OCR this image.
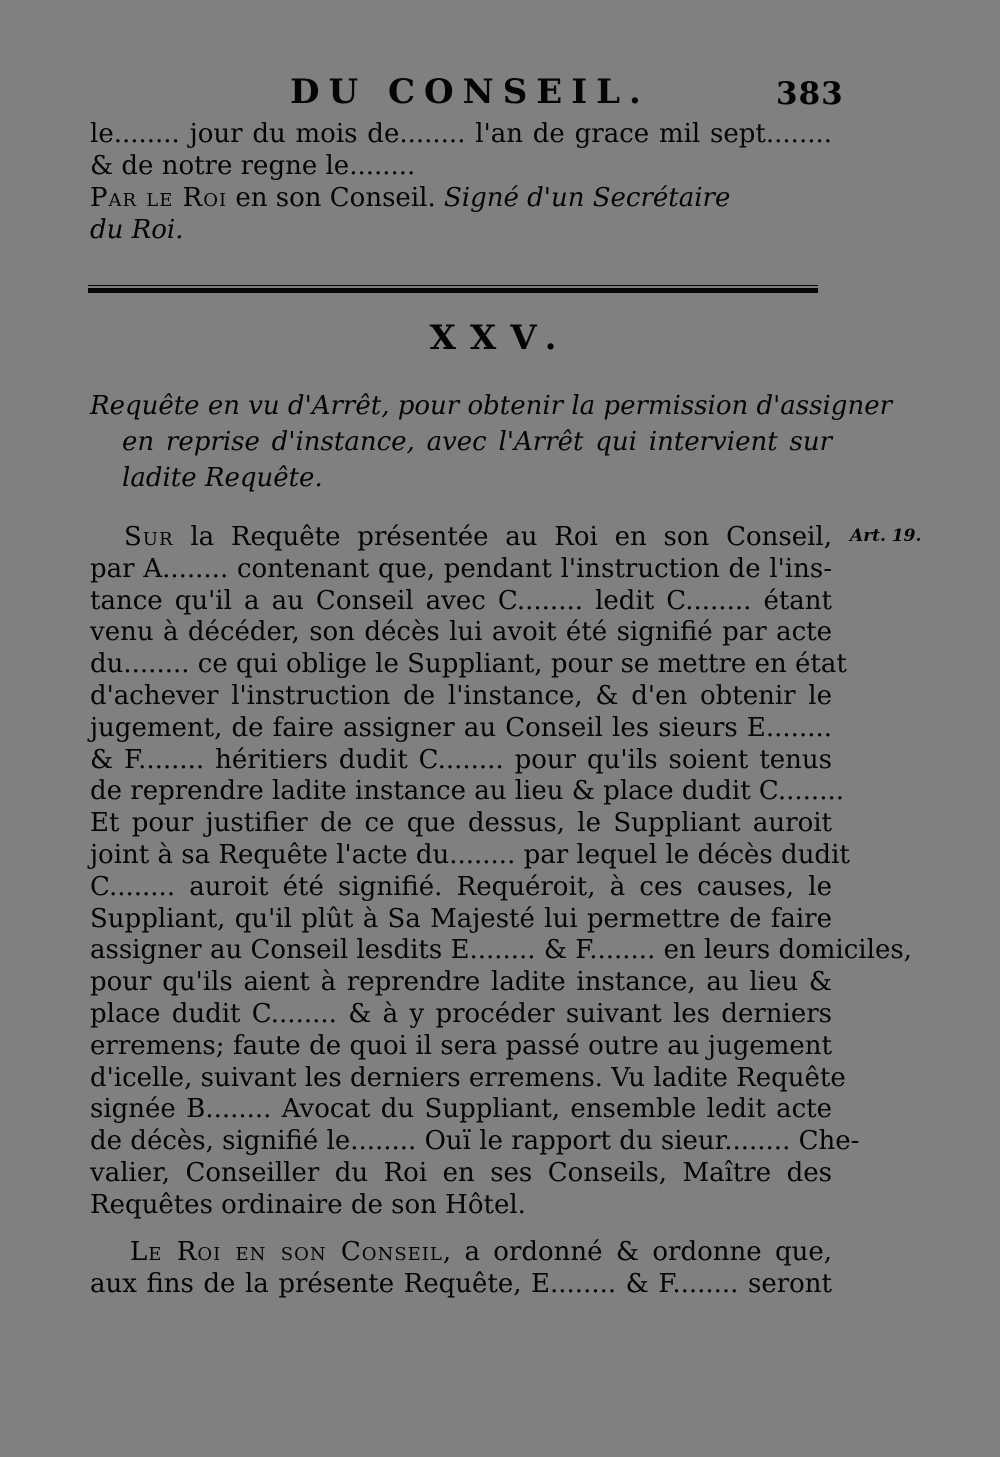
DU CONSEIL.	383
le........ jour du mois de........ l'an de grace mil sept........
& de notre regne le........
Par le Roi en son Conseil. Signé d'un Secrétaire
du Roi.
XXV.
Requête en vu d'Arrêt, pour obtenir la permission d'assigner
en reprise d'instance, avec l'Arrêt qui intervient sur
ladite Requête.
Art. 19.
Sur la Requête présentée au Roi en son Conseil,
par A........ contenant que, pendant l'instruction de l'ins-
tance qu'il a au Conseil avec C........ ledit C........ étant
venu à décéder, son décès lui avoit été signifié par acte
du........ ce qui oblige le Suppliant, pour se mettre en état
d'achever l'instruction de l'instance, & d'en obtenir le
jugement, de faire assigner au Conseil les sieurs E........
& F........ héritiers dudit C........ pour qu'ils soient tenus
de reprendre ladite instance au lieu & place dudit C........
Et pour justifier de ce que dessus, le Suppliant auroit
joint à sa Requête l'acte du........ par lequel le décès dudit
C........ auroit été signifié. Requéroit, à ces causes, le
Suppliant, qu'il plût à Sa Majesté lui permettre de faire
assigner au Conseil lesdits E........ & F........ en leurs domiciles,
pour qu'ils aient à reprendre ladite instance, au lieu &
place dudit C........ & à y procéder suivant les derniers
erremens; faute de quoi il sera passé outre au jugement
d'icelle, suivant les derniers erremens. Vu ladite Requête
signée B........ Avocat du Suppliant, ensemble ledit acte
de décès, signifié le........ Ouï le rapport du sieur........ Che-
valier, Conseiller du Roi en ses Conseils, Maître des
Requêtes ordinaire de son Hôtel.
Le Roi en son Conseil, a ordonné & ordonne que,
aux fins de la présente Requête, E........ & F........ seront
